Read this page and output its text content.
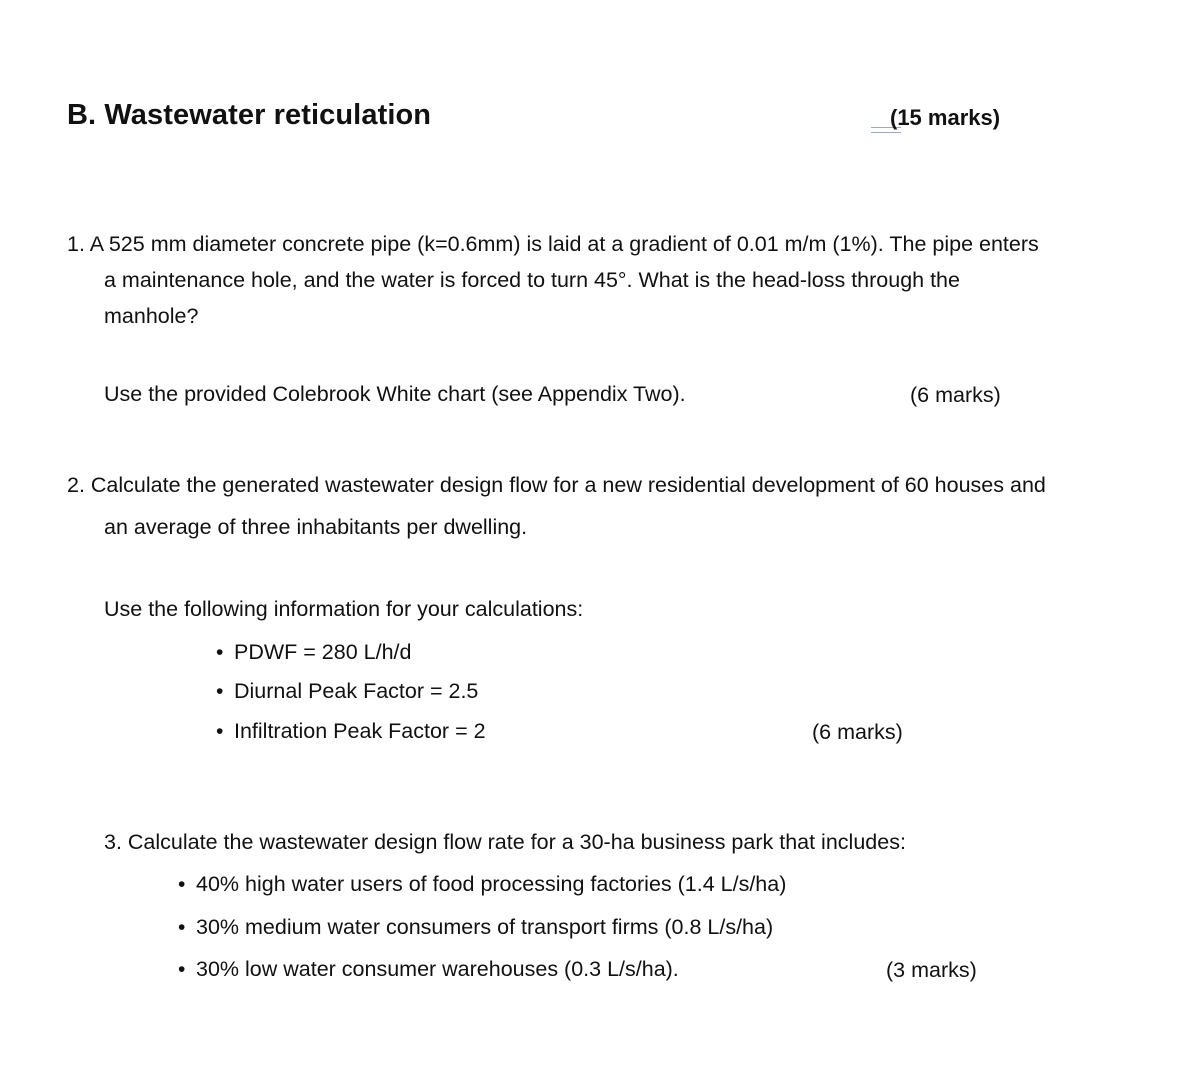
B. Wastewater reticulation	(15 marks)
1. A 525 mm diameter concrete pipe (k=0.6mm) is laid at a gradient of 0.01 m/m (1%). The pipe enters
a maintenance hole, and the water is forced to turn 45°. What is the head-loss through the
manhole?
Use the provided Colebrook White chart (see Appendix Two).	(6 marks)
2. Calculate the generated wastewater design flow for a new residential development of 60 houses and
an average of three inhabitants per dwelling.
Use the following information for your calculations:
• PDWF = 280 L/h/d
• Diurnal Peak Factor = 2.5
• Infiltration Peak Factor = 2	(6 marks)
3. Calculate the wastewater design flow rate for a 30-ha business park that includes:
• 40% high water users of food processing factories (1.4 L/s/ha)
• 30% medium water consumers of transport firms (0.8 L/s/ha)
• 30% low water consumer warehouses (0.3 L/s/ha).	(3 marks)
